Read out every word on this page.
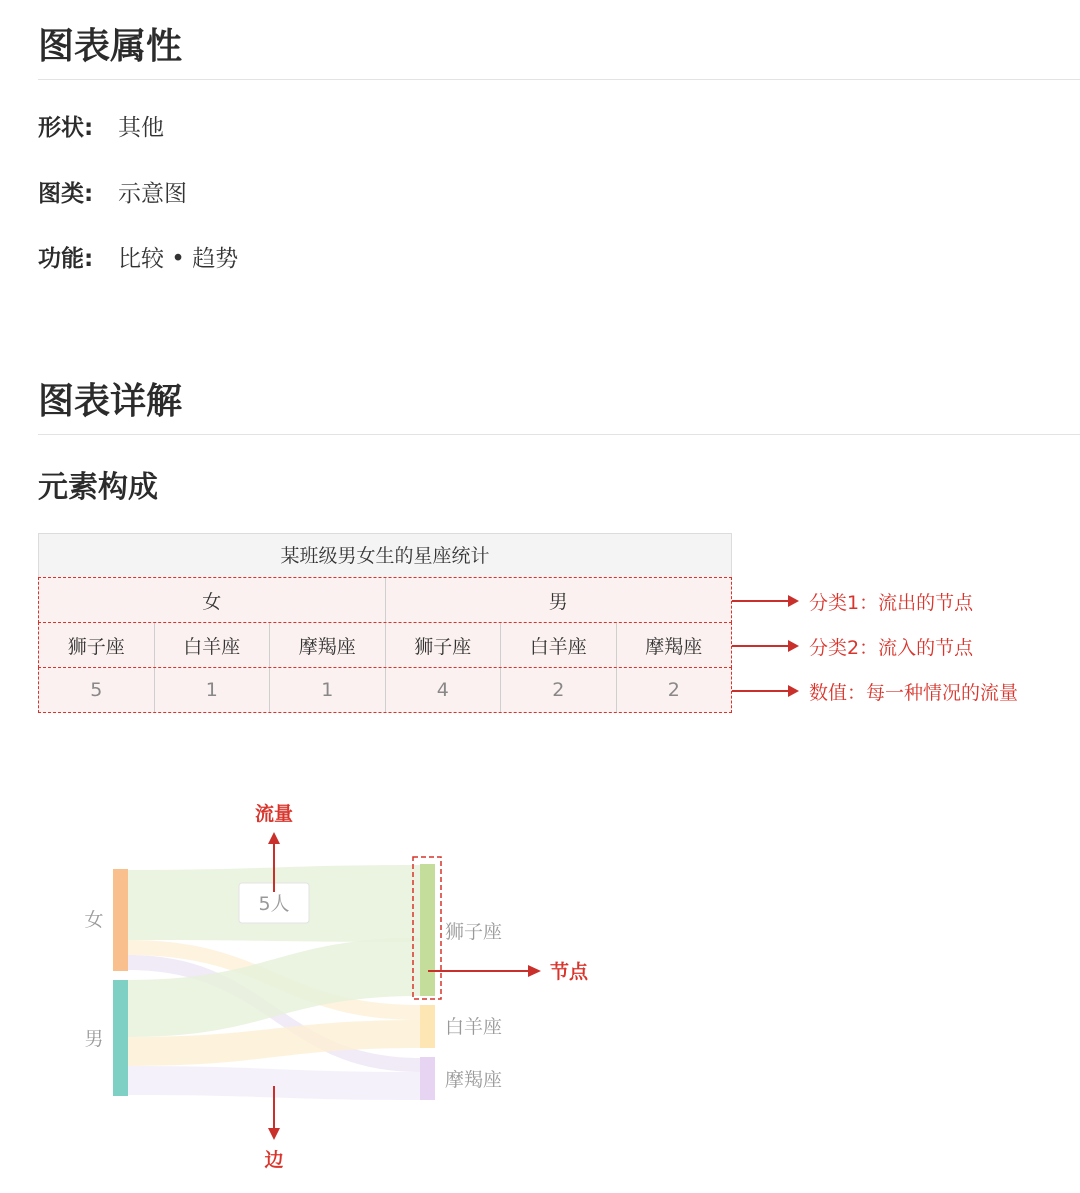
图表属性
形状: 其他
图类: 示意图
功能: 比较 • 趋势
图表详解
元素构成
某班级男女生的星座统计
女	男
狮子座	白羊座	摩羯座	狮子座	白羊座	摩羯座
5	1	1	4	2	2
分类1：流出的节点
分类2：流入的节点
数值：每一种情况的流量
女
男
狮子座
白羊座
摩羯座
5人
流量
节点
边
